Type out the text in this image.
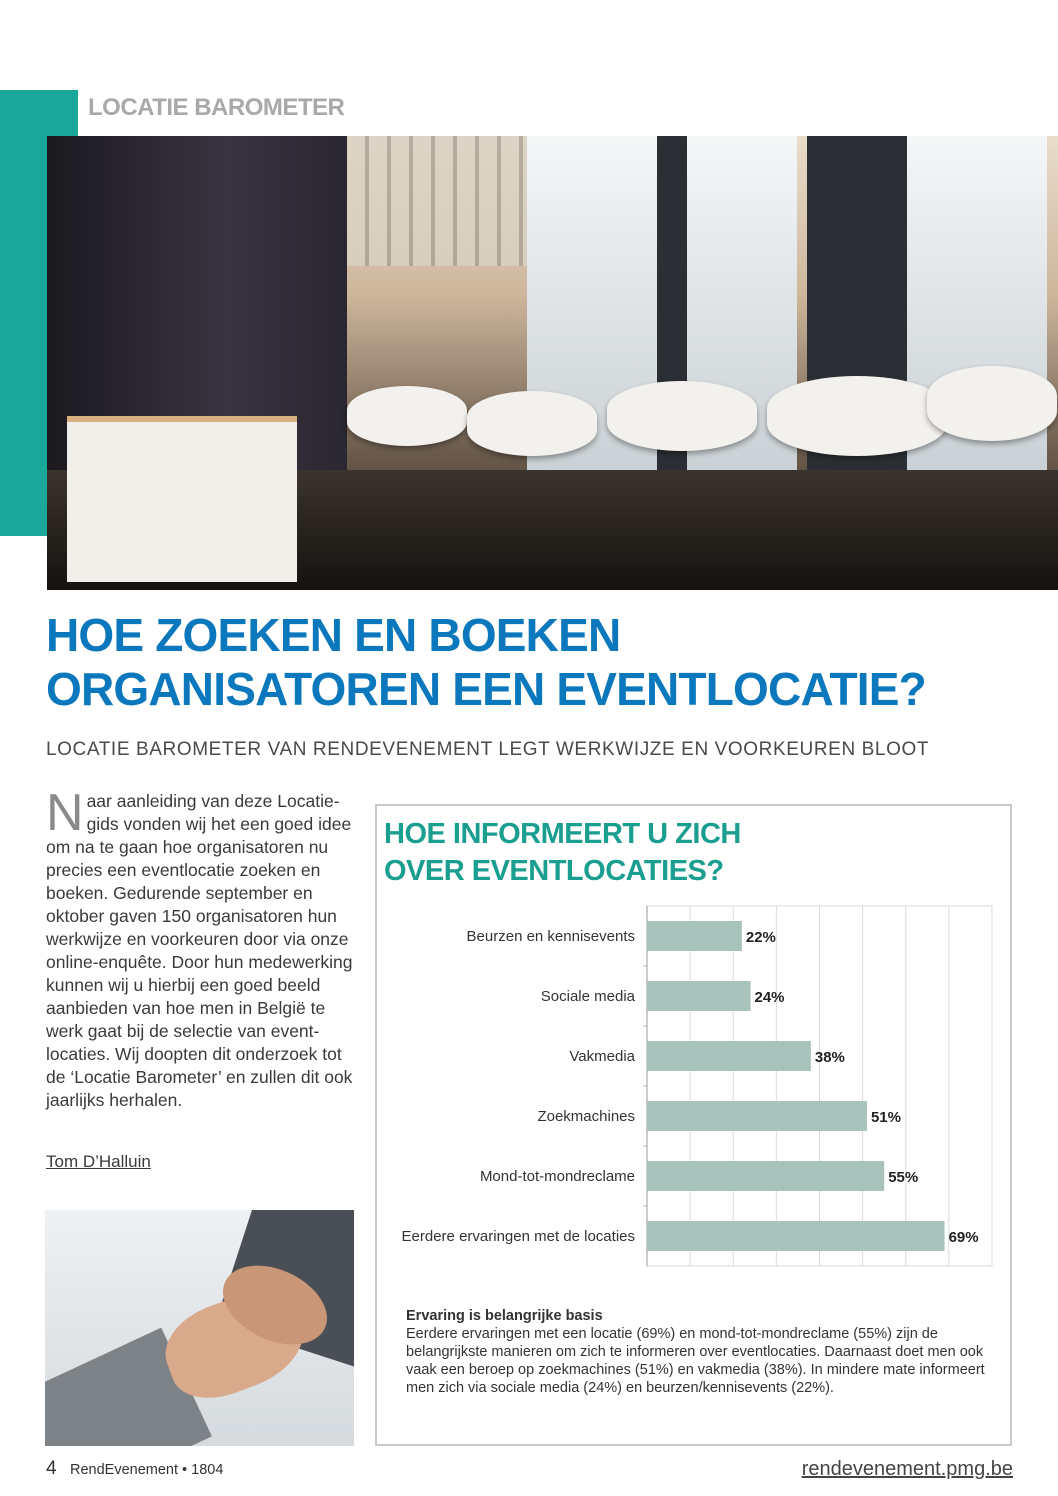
LOCATIE BAROMETER
HOE ZOEKEN EN BOEKEN
ORGANISATOREN EEN EVENTLOCATIE?
LOCATIE BAROMETER VAN RENDEVENEMENT LEGT WERKWIJZE EN VOORKEUREN BLOOT
Naar aanleiding van deze Locatie-gids vonden wij het een goed idee om na te gaan hoe organisatoren nu precies een eventlocatie zoeken en boeken. Gedurende september en oktober gaven 150 organisatoren hun werkwijze en voorkeuren door via onze online-enquête. Door hun medewerking kunnen wij u hierbij een goed beeld aanbieden van hoe men in België te werk gaat bij de selectie van event-locaties. Wij doopten dit onderzoek tot de ‘Locatie Barometer’ en zullen dit ook jaarlijks herhalen.
Tom D’Halluin
HOE INFORMEERT U ZICH
OVER EVENTLOCATIES?
Beurzen en kennisevents	22%
Sociale media	24%
Vakmedia	38%
Zoekmachines	51%
Mond-tot-mondreclame	55%
Eerdere ervaringen met de locaties	69%
Ervaring is belangrijke basis
Eerdere ervaringen met een locatie (69%) en mond-tot-mondreclame (55%) zijn de belangrijkste manieren om zich te informeren over eventlocaties. Daarnaast doet men ook vaak een beroep op zoekmachines (51%) en vakmedia (38%). In mindere mate informeert men zich via sociale media (24%) en beurzen/kennisevents (22%).
4 RendEvenement • 1804	rendevenement.pmg.be
